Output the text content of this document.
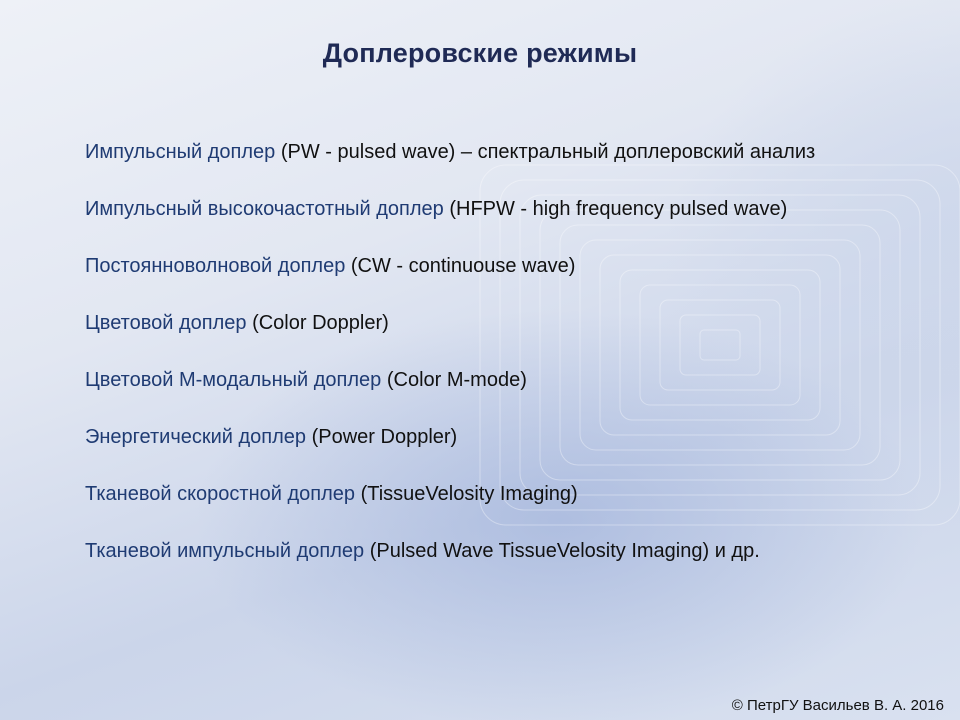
Доплеровские режимы
Импульсный доплер (PW - pulsed wave) – спектральный доплеровский анализ
Импульсный высокочастотный доплер (HFPW - high frequency pulsed wave)
Постоянноволновой доплер (CW - continuouse wave)
Цветовой доплер (Color Doppler)
Цветовой М-модальный доплер (Color M-mode)
Энергетический доплер (Power Doppler)
Тканевой скоростной доплер (TissueVelosity Imaging)
Тканевой импульсный доплер (Pulsed Wave TissueVelosity Imaging) и др.
© ПетрГУ Васильев В. А. 2016
